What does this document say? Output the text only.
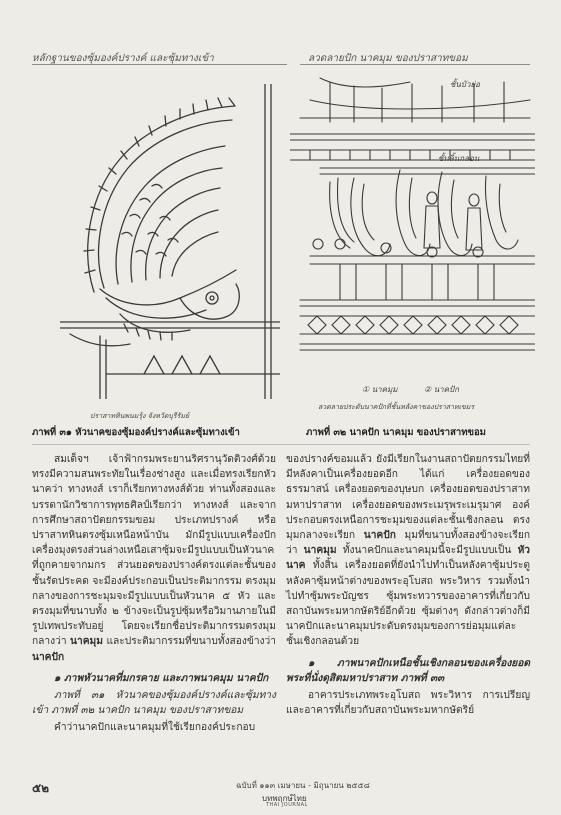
หลักฐานของซุ้มองค์ปรางค์ และซุ้มทางเข้า	ลวดลายปัก นาคมุม ของปราสาทขอม
ปราสาทหินพนมรุ้ง จังหวัดบุรีรัมย์
ภาพที่ ๓๑ หัวนาคของซุ้มองค์ปรางค์และซุ้มทางเข้า
ชั้นบัวย่อ
ชั้นลิ้นกลอน
① นาคมุม	② นาคปัก
ลวดลายประดับนาคปักที่ชั้นหลังคาของปราสาทเขมร
ภาพที่ ๓๒ นาคปัก นาคมุม ของปราสาทขอม

สมเด็จฯ เจ้าฟ้ากรมพระยานริศรานุวัดติวงศ์ด้วยทรงมีความสนพระทัยในเรื่องช่างสูง และเมื่อทรงเรียกหัวนาคว่า ทางหงส์ เราก็เรียกทางหงส์ด้วย ท่านทั้งสองและบรรดานักวิชาการพุทธศิลป์เรียกว่า ทางหงส์ และจากการศึกษาสถาปัตยกรรมขอม ประเภทปรางค์ หรือปราสาทหินตรงซุ้มเหนือหน้าบัน มักมีรูปแบบเครื่องปักเครื่องมุงตรงส่วนล่างเหนือเสาซุ้มจะมีรูปแบบเป็นหัวนาคที่ถูกคายจากมกร ส่วนยอดของปรางค์ตรงแต่ละชั้นของชั้นรัดประคด จะมีองค์ประกอบเป็นประติมากรรม ตรงมุมกลางของการชะมุมจะมีรูปแบบเป็นหัวนาค ๕ หัว และตรงมุมที่ขนาบทั้ง ๒ ข้างจะเป็นรูปซุ้มหรือวิมานภายในมีรูปเทพประทับอยู่ โดยจะเรียกชื่อประติมากรรมตรงมุมกลางว่า นาคมุม และประติมากรรมที่ขนาบทั้งสองข้างว่า นาคปัก

๑ ภาพหัวนาคที่มกรคาย และภาพนาคมุม นาคปัก

ภาพที่ ๓๑ หัวนาคของซุ้มองค์ปรางค์และซุ้มทางเข้า ภาพที่ ๓๒ นาคปัก นาคมุม ของปราสาทขอม

คำว่านาคปักและนาคมุมที่ใช้เรียกองค์ประกอบ

ของปรางค์ขอมแล้ว ยังมีเรียกในงานสถาปัตยกรรมไทยที่มีหลังคาเป็นเครื่องยอดอีก ได้แก่ เครื่องยอดของธรรมาสน์ เครื่องยอดของบุษบก เครื่องยอดของปราสาท มหาปราสาท เครื่องยอดของพระเมรุพระเมรุมาศ องค์ประกอบตรงเหนือการชะมุมของแต่ละชั้นเชิงกลอน ตรงมุมกลางจะเรียก นาคปัก มุมที่ขนาบทั้งสองข้างจะเรียกว่า นาคมุม ทั้งนาคปักและนาคมุมนี้จะมีรูปแบบเป็น หัวนาค ทั้งสิ้น เครื่องยอดที่ยังนำไปทำเป็นหลังคาซุ้มประตู หลังคาซุ้มหน้าต่างของพระอุโบสถ พระวิหาร รวมทั้งนำไปทำซุ้มพระบัญชร ซุ้มพระทวารของอาคารที่เกี่ยวกับสถาบันพระมหากษัตริย์อีกด้วย ซุ้มต่างๆ ดังกล่าวต่างก็มีนาคปักและนาคมุมประดับตรงมุมของการย่อมุมแต่ละชั้นเชิงกลอนด้วย

๑ ภาพนาคปักเหนือชั้นเชิงกลอนของเครื่องยอดพระที่นั่งดุสิตมหาปราสาท ภาพที่ ๓๓

อาคารประเภทพระอุโบสถ พระวิหาร การเปรียญ และอาคารที่เกี่ยวกับสถาบันพระมหากษัตริย์

๕๒	ฉบับที่ ๑๑๓ เมษายน - มิถุนายน ๒๕๕๘
บทพฤกษ์ไทย
THAI JOURNAL
